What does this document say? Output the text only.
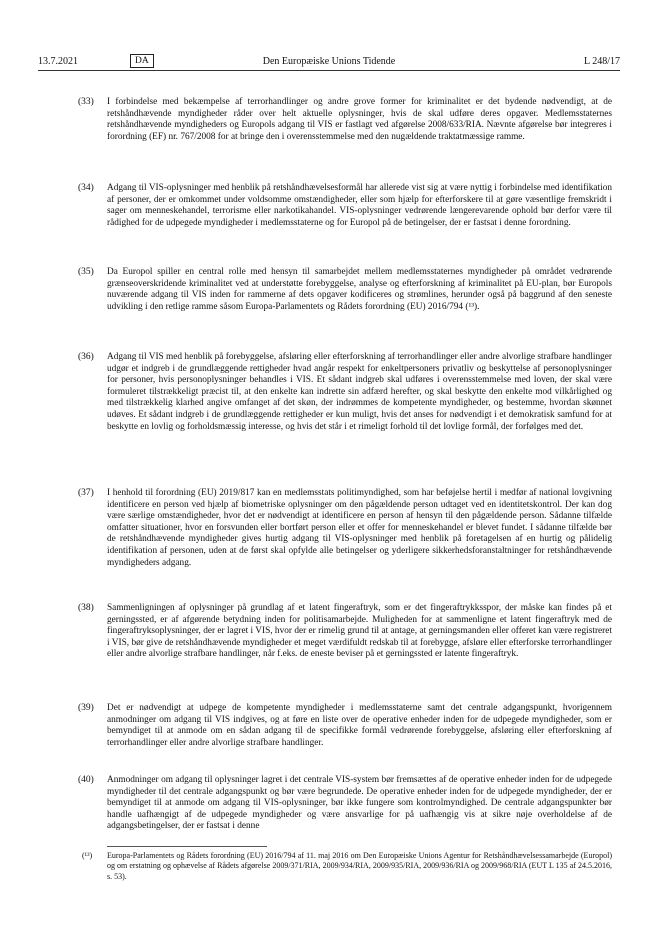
13.7.2021	DA	Den Europæiske Unions Tidende	L 248/17
(33) I forbindelse med bekæmpelse af terrorhandlinger og andre grove former for kriminalitet er det bydende nødvendigt, at de retshåndhævende myndigheder råder over helt aktuelle oplysninger, hvis de skal udføre deres opgaver. Medlemsstaternes retshåndhævende myndigheders og Europols adgang til VIS er fastlagt ved afgørelse 2008/633/RIA. Nævnte afgørelse bør integreres i forordning (EF) nr. 767/2008 for at bringe den i overensstemmelse med den nugældende traktatmæssige ramme.

(34) Adgang til VIS-oplysninger med henblik på retshåndhævelsesformål har allerede vist sig at være nyttig i forbindelse med identifikation af personer, der er omkommet under voldsomme omstændigheder, eller som hjælp for efterforskere til at gøre væsentlige fremskridt i sager om menneskehandel, terrorisme eller narkotikahandel. VIS-oplysninger vedrørende længerevarende ophold bør derfor være til rådighed for de udpegede myndigheder i medlemsstaterne og for Europol på de betingelser, der er fastsat i denne forordning.

(35) Da Europol spiller en central rolle med hensyn til samarbejdet mellem medlemsstaternes myndigheder på området vedrørende grænseoverskridende kriminalitet ved at understøtte forebyggelse, analyse og efterforskning af kriminalitet på EU-plan, bør Europols nuværende adgang til VIS inden for rammerne af dets opgaver kodificeres og strømlines, herunder også på baggrund af den seneste udvikling i den retlige ramme såsom Europa-Parlamentets og Rådets forordning (EU) 2016/794 (¹³).

(36) Adgang til VIS med henblik på forebyggelse, afsløring eller efterforskning af terrorhandlinger eller andre alvorlige strafbare handlinger udgør et indgreb i de grundlæggende rettigheder hvad angår respekt for enkeltpersoners privatliv og beskyttelse af personoplysninger for personer, hvis personoplysninger behandles i VIS. Et sådant indgreb skal udføres i overensstemmelse med loven, der skal være formuleret tilstrækkeligt præcist til, at den enkelte kan indrette sin adfærd herefter, og skal beskytte den enkelte mod vilkårlighed og med tilstrækkelig klarhed angive omfanget af det skøn, der indrømmes de kompetente myndigheder, og bestemme, hvordan skønnet udøves. Et sådant indgreb i de grundlæggende rettigheder er kun muligt, hvis det anses for nødvendigt i et demokratisk samfund for at beskytte en lovlig og forholdsmæssig interesse, og hvis det står i et rimeligt forhold til det lovlige formål, der forfølges med det.

(37) I henhold til forordning (EU) 2019/817 kan en medlemsstats politimyndighed, som har beføjelse hertil i medfør af national lovgivning identificere en person ved hjælp af biometriske oplysninger om den pågældende person udtaget ved en identitetskontrol. Der kan dog være særlige omstændigheder, hvor det er nødvendigt at identificere en person af hensyn til den pågældende person. Sådanne tilfælde omfatter situationer, hvor en forsvunden eller bortført person eller et offer for menneskehandel er blevet fundet. I sådanne tilfælde bør de retshåndhævende myndigheder gives hurtig adgang til VIS-oplysninger med henblik på foretagelsen af en hurtig og pålidelig identifikation af personen, uden at de først skal opfylde alle betingelser og yderligere sikkerhedsforanstaltninger for retshåndhævende myndigheders adgang.

(38) Sammenligningen af oplysninger på grundlag af et latent fingeraftryk, som er det fingeraftrykksspor, der måske kan findes på et gerningssted, er af afgørende betydning inden for politisamarbejde. Muligheden for at sammenligne et latent fingeraftryk med de fingeraftryksoplysninger, der er lagret i VIS, hvor der er rimelig grund til at antage, at gerningsmanden eller offeret kan være registreret i VIS, bør give de retshåndhævende myndigheder et meget værdifuldt redskab til at forebygge, afsløre eller efterforske terrorhandlinger eller andre alvorlige strafbare handlinger, når f.eks. de eneste beviser på et gerningssted er latente fingeraftryk.

(39) Det er nødvendigt at udpege de kompetente myndigheder i medlemsstaterne samt det centrale adgangspunkt, hvorigennem anmodninger om adgang til VIS indgives, og at føre en liste over de operative enheder inden for de udpegede myndigheder, som er bemyndiget til at anmode om en sådan adgang til de specifikke formål vedrørende forebyggelse, afsløring eller efterforskning af terrorhandlinger eller andre alvorlige strafbare handlinger.

(40) Anmodninger om adgang til oplysninger lagret i det centrale VIS-system bør fremsættes af de operative enheder inden for de udpegede myndigheder til det centrale adgangspunkt og bør være begrundede. De operative enheder inden for de udpegede myndigheder, der er bemyndiget til at anmode om adgang til VIS-oplysninger, bør ikke fungere som kontrolmyndighed. De centrale adgangspunkter bør handle uafhængigt af de udpegede myndigheder og være ansvarlige for på uafhængig vis at sikre nøje overholdelse af de adgangsbetingelser, der er fastsat i denne

(¹³) Europa-Parlamentets og Rådets forordning (EU) 2016/794 af 11. maj 2016 om Den Europæiske Unions Agentur for Retshåndhævelsessamarbejde (Europol) og om erstatning og ophævelse af Rådets afgørelse 2009/371/RIA, 2009/934/RIA, 2009/935/RIA, 2009/936/RIA og 2009/968/RIA (EUT L 135 af 24.5.2016, s. 53).
